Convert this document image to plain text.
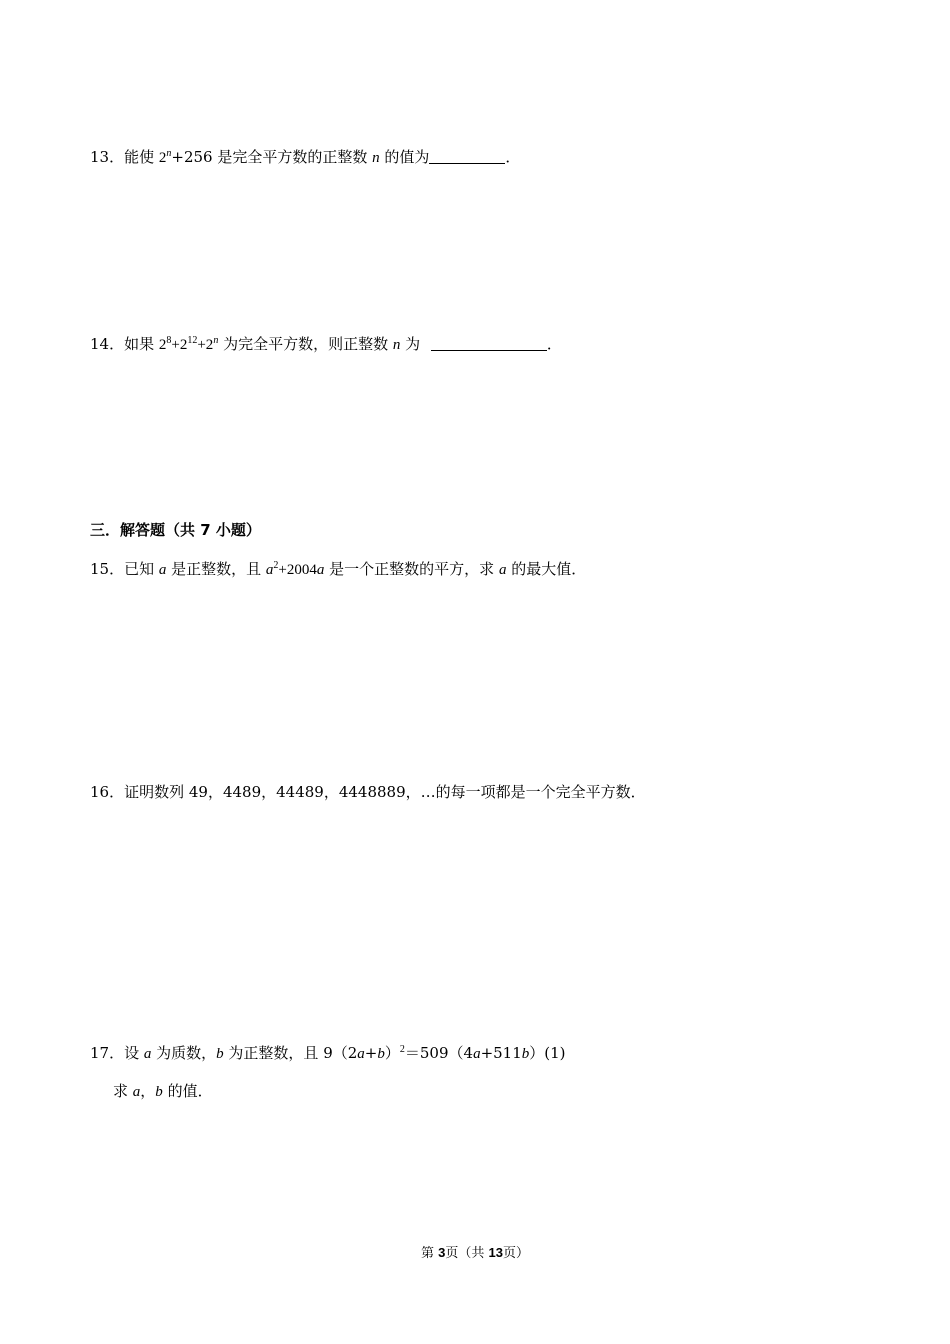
13．能使 $2^n+256$ 是完全平方数的正整数 n 的值为	．
14．如果 $2^8+2^{12}+2^n$ 为完全平方数，则正整数 n 为	．
三．解答题（共 7 小题）
15．已知 a 是正整数，且 $a^2+2004a$ 是一个正整数的平方，求 a 的最大值．
16．证明数列 49，4489，44489，4448889，…的每一项都是一个完全平方数．
17．设 a 为质数，b 为正整数，且 $9(2a+b)^2=509(4a+511b)(1)$
求 a，b 的值．
第 3页（共 13页）
